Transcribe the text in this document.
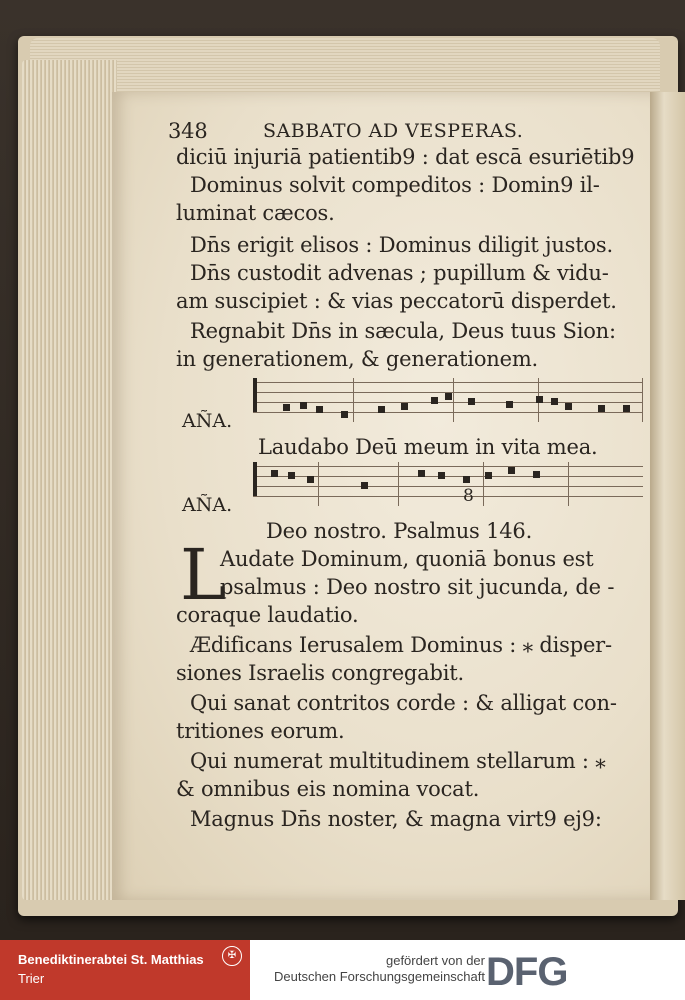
348	SABBATO AD VESPERAS.
diciū injuriā patientib9 : dat escā esuriētib9
Dominus solvit compeditos : Domin9 il-
luminat cæcos.
Dn̄s erigit elisos : Dominus diligit justos.
Dn̄s custodit advenas ; pupillum & vidu-
am suscipiet : & vias peccatorū disperdet.
Regnabit Dn̄s in sæcula, Deus tuus Sion:
in generationem, & generationem.
AÑA.
Laudabo Deū meum in vita mea.
8
AÑA.
Deo nostro. Psalmus 146.
L
Audate Dominum, quoniā bonus est
psalmus : Deo nostro sit jucunda, de -
coraque laudatio.
Ædificans Ierusalem Dominus : ⁎ disper-
siones Israelis congregabit.
Qui sanat contritos corde : & alligat con-
tritiones eorum.
Qui numerat multitudinem stellarum : ⁎
& omnibus eis nomina vocat.
Magnus Dn̄s noster, & magna virt9 ej9:
Benediktinerabtei St. Matthias
Trier
✠	gefördert von der
Deutschen Forschungsgemeinschaft DFG
